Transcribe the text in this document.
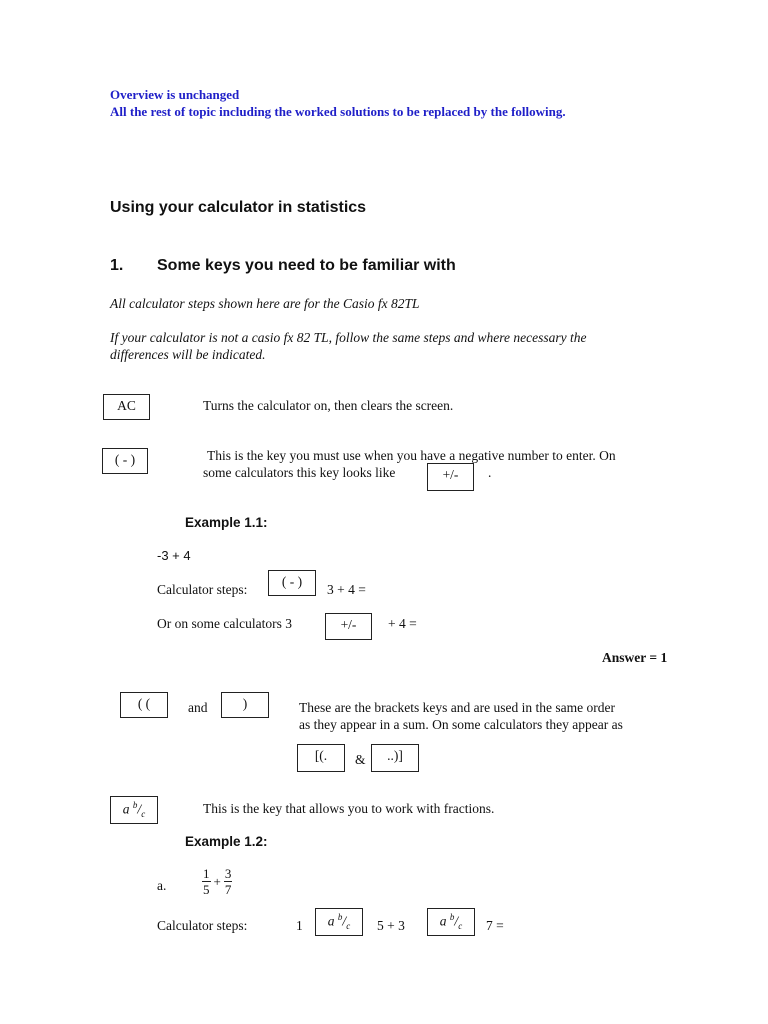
Overview is unchanged
All the rest of topic including the worked solutions to be replaced by the following.
Using your calculator in statistics
1. Some keys you need to be familiar with
All calculator steps shown here are for the Casio fx 82TL
If your calculator is not a casio fx 82 TL, follow the same steps and where necessary the
differences will be indicated.
AC	Turns the calculator on, then clears the screen.
( - )	This is the key you must use when you have a negative number to enter. On
some calculators this key looks like	+/- .
Example 1.1:
-3 + 4
Calculator steps:
( - )
3 + 4 =
Or on some calculators 3	+/- + 4 =
Answer = 1
( (	and	)	These are the brackets keys and are used in the same order
as they appear in a sum. On some calculators they appear as
[(. & ..)]
a $^b/_c$	This is the key that allows you to work with fractions.
Example 1.2:
a.	$\frac{1}{5} + \frac{3}{7}$
Calculator steps:	1 a $^b/_c$ 5 + 3	a $^b/_c$ 7 =
